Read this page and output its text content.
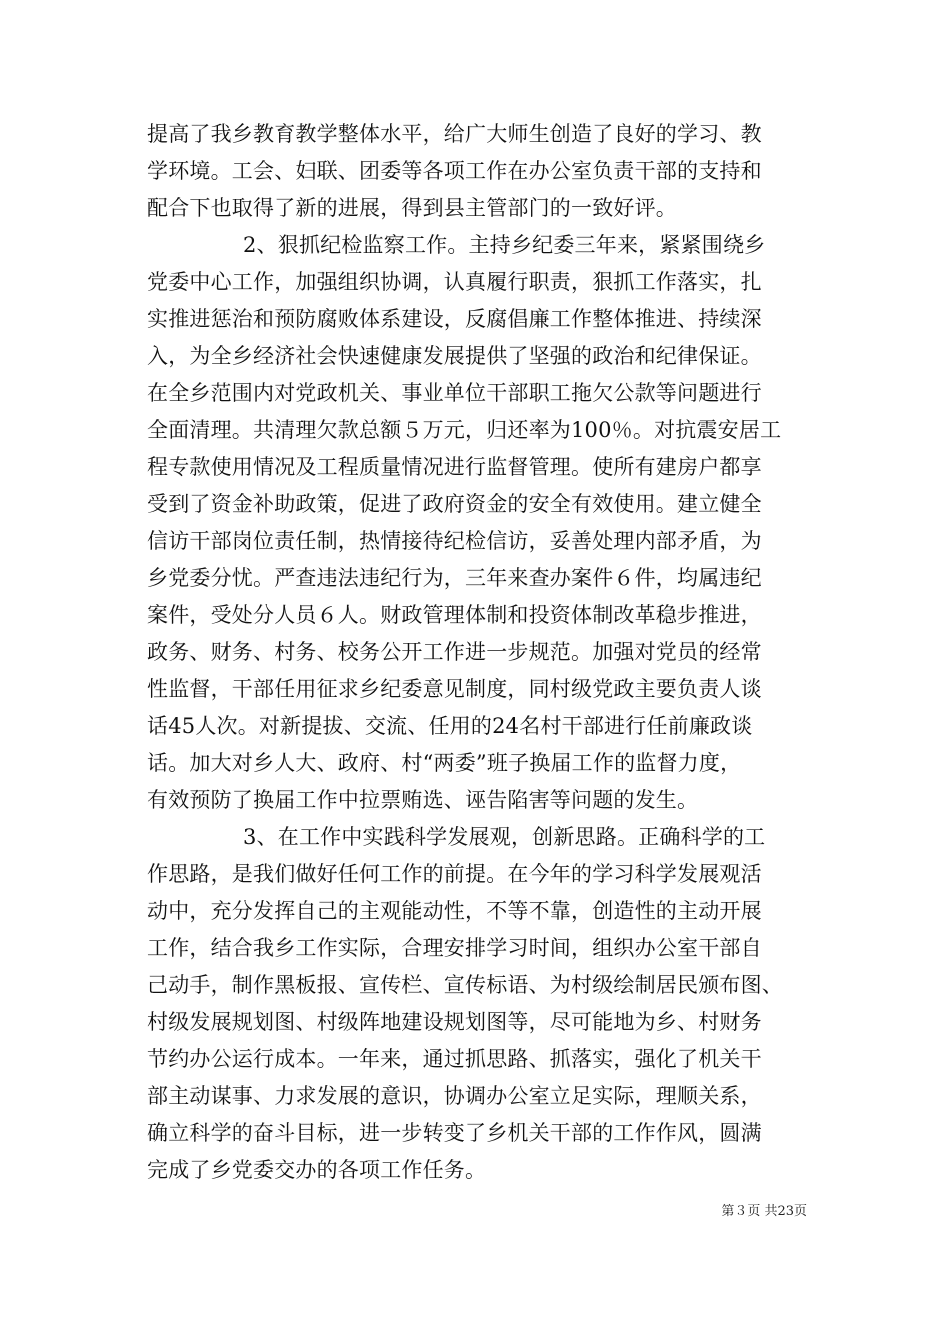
提高了我乡教育教学整体水平，给广大师生创造了良好的学习、教
学环境。工会、妇联、团委等各项工作在办公室负责干部的支持和
配合下也取得了新的进展，得到县主管部门的一致好评。
2、狠抓纪检监察工作。主持乡纪委三年来，紧紧围绕乡
党委中心工作，加强组织协调，认真履行职责，狠抓工作落实，扎
实推进惩治和预防腐败体系建设，反腐倡廉工作整体推进、持续深
入，为全乡经济社会快速健康发展提供了坚强的政治和纪律保证。
在全乡范围内对党政机关、事业单位干部职工拖欠公款等问题进行
全面清理。共清理欠款总额５万元，归还率为100％。对抗震安居工
程专款使用情况及工程质量情况进行监督管理。使所有建房户都享
受到了资金补助政策，促进了政府资金的安全有效使用。建立健全
信访干部岗位责任制，热情接待纪检信访，妥善处理内部矛盾，为
乡党委分忧。严查违法违纪行为，三年来查办案件６件，均属违纪
案件，受处分人员６人。财政管理体制和投资体制改革稳步推进，
政务、财务、村务、校务公开工作进一步规范。加强对党员的经常
性监督，干部任用征求乡纪委意见制度，同村级党政主要负责人谈
话45人次。对新提拔、交流、任用的24名村干部进行任前廉政谈
话。加大对乡人大、政府、村“两委”班子换届工作的监督力度，
有效预防了换届工作中拉票贿选、诬告陷害等问题的发生。
3、在工作中实践科学发展观，创新思路。正确科学的工
作思路，是我们做好任何工作的前提。在今年的学习科学发展观活
动中，充分发挥自己的主观能动性，不等不靠，创造性的主动开展
工作，结合我乡工作实际，合理安排学习时间，组织办公室干部自
己动手，制作黑板报、宣传栏、宣传标语、为村级绘制居民颁布图、
村级发展规划图、村级阵地建设规划图等，尽可能地为乡、村财务
节约办公运行成本。一年来，通过抓思路、抓落实，强化了机关干
部主动谋事、力求发展的意识，协调办公室立足实际，理顺关系，
确立科学的奋斗目标，进一步转变了乡机关干部的工作作风，圆满
完成了乡党委交办的各项工作任务。
第３页 共23页
